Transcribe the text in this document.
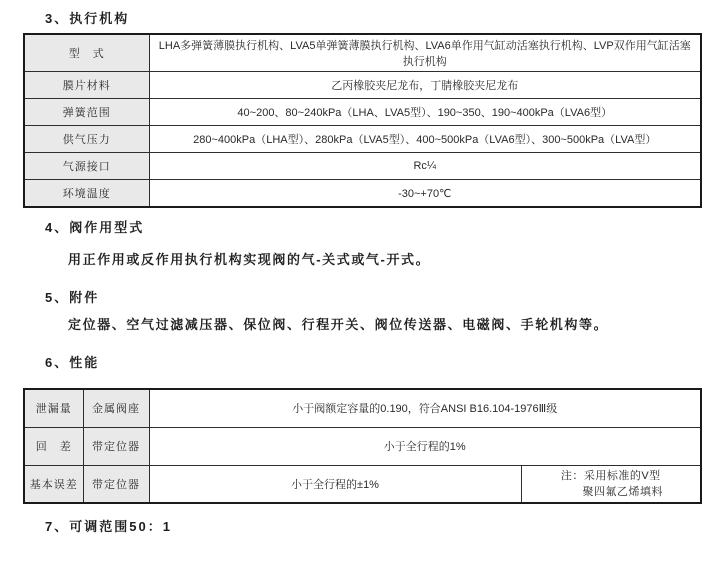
3、执行机构
型　式	LHA多弹簧薄膜执行机构、LVA5单弹簧薄膜执行机构、LVA6单作用气缸动活塞执行机构、LVP双作用气缸活塞执行机构
膜片材料	乙丙橡胶夹尼龙布，丁腈橡胶夹尼龙布
弹簧范围	40~200、80~240kPa（LHA、LVA5型）、190~350、190~400kPa（LVA6型）
供气压力	280~400kPa（LHA型）、280kPa（LVA5型）、400~500kPa（LVA6型）、300~500kPa（LVA型）
气源接口	Rc¼
环境温度	-30~+70℃
4、阀作用型式
用正作用或反作用执行机构实现阀的气-关式或气-开式。
5、附件
定位器、空气过滤减压器、保位阀、行程开关、阀位传送器、电磁阀、手轮机构等。
6、性能
泄漏量	金属阀座	小于阀额定容量的0.190，符合ANSI B16.104-1976Ⅲ级	
回　差	带定位器	小于全行程的1%	
基本误差	带定位器	小于全行程的±1%	注：采用标准的V型
聚四氟乙烯填料
7、可调范围50：1
